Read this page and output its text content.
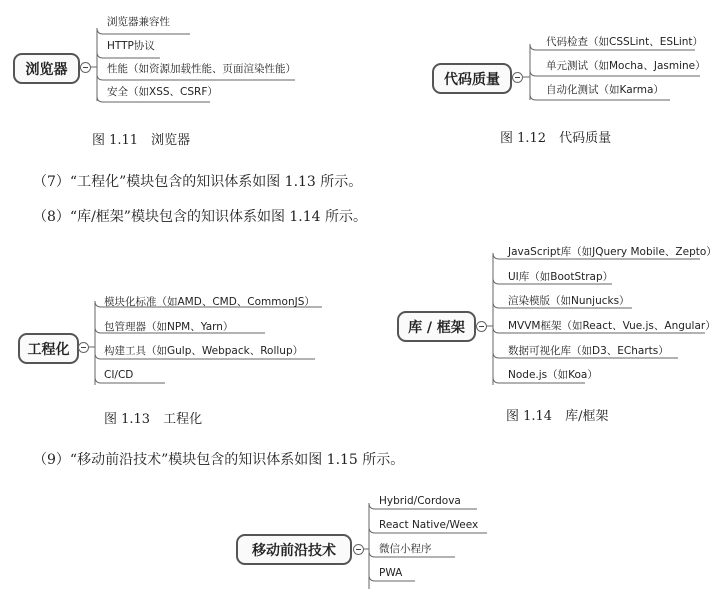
浏览器
浏览器兼容性
HTTP协议
性能（如资源加载性能、页面渲染性能）
安全（如XSS、CSRF）
图 1.11　浏览器
代码质量
代码检查（如CSSLint、ESLint）
单元测试（如Mocha、Jasmine）
自动化测试（如Karma）
图 1.12　代码质量
（7）“工程化”模块包含的知识体系如图 1.13 所示。
（8）“库/框架”模块包含的知识体系如图 1.14 所示。
工程化
模块化标准（如AMD、CMD、CommonJS）
包管理器（如NPM、Yarn）
构建工具（如Gulp、Webpack、Rollup）
CI/CD
图 1.13　工程化
库 / 框架
JavaScript库（如JQuery Mobile、Zepto）
UI库（如BootStrap）
渲染模版（如Nunjucks）
MVVM框架（如React、Vue.js、Angular）
数据可视化库（如D3、ECharts）
Node.js（如Koa）
图 1.14　库/框架
（9）“移动前沿技术”模块包含的知识体系如图 1.15 所示。
移动前沿技术
Hybrid/Cordova
React Native/Weex
微信小程序
PWA
